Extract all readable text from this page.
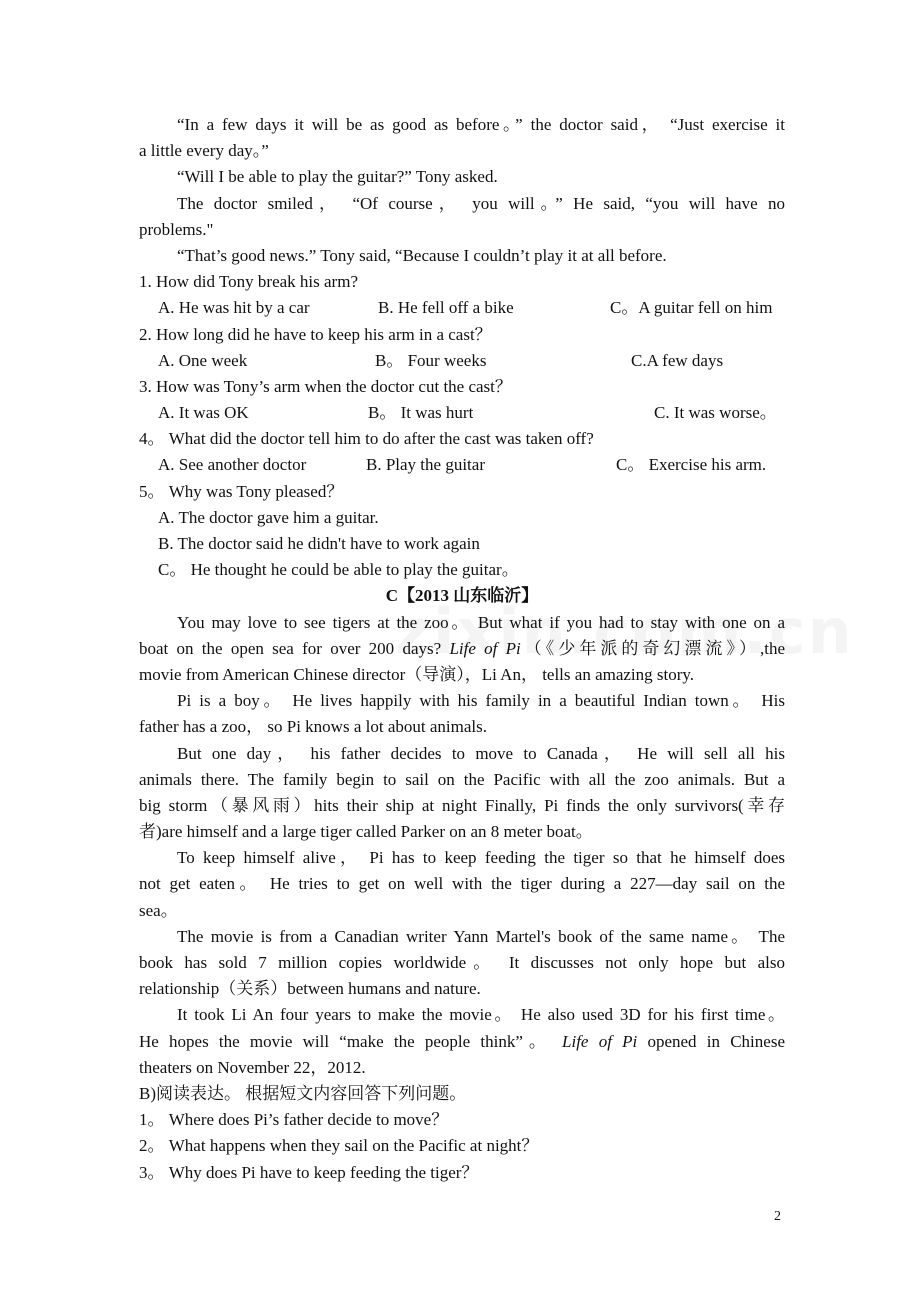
“In a few days it will be as good as before。” the doctor said， “Just exercise it
a little every day。”
“Will I be able to play the guitar?” Tony asked.
The doctor smiled， “Of course， you will。” He said, “you will have no
problems."
“That’s good news.” Tony said, “Because I couldn’t play it at all before.
1. How did Tony break his arm?
A. He was hit by a car	B. He fell off a bike	C。A guitar fell on him
2. How long did he have to keep his arm in a cast？
A. One week	B。 Four weeks	C.A few days
3. How was Tony’s arm when the doctor cut the cast？
A. It was OK	B。 It was hurt	C. It was worse。
4。 What did the doctor tell him to do after the cast was taken off?
A. See another doctor	B. Play the guitar	C。 Exercise his arm.
5。 Why was Tony pleased？
A. The doctor gave him a guitar.
B. The doctor said he didn't have to work again
C。 He thought he could be able to play the guitar。
C【2013 山东临沂】
You may love to see tigers at the zoo。 But what if you had to stay with one on a
boat on the open sea for over 200 days? Life of Pi（《少年派的奇幻漂流》）,the
movie from American Chinese director（导演），Li An， tells an amazing story.
Pi is a boy。 He lives happily with his family in a beautiful Indian town。 His
father has a zoo， so Pi knows a lot about animals.
But one day， his father decides to move to Canada， He will sell all his
animals there. The family begin to sail on the Pacific with all the zoo animals. But a
big storm（暴风雨）hits their ship at night Finally, Pi finds the only survivors(幸存
者)are himself and a large tiger called Parker on an 8 meter boat。
To keep himself alive， Pi has to keep feeding the tiger so that he himself does
not get eaten。 He tries to get on well with the tiger during a 227—day sail on the
sea。
The movie is from a Canadian writer Yann Martel's book of the same name。 The
book has sold 7 million copies worldwide。 It discusses not only hope but also
relationship（关系）between humans and nature.
It took Li An four years to make the movie。 He also used 3D for his first time。
He hopes the movie will “make the people think”。 Life of Pi opened in Chinese
theaters on November 22，2012.
B)阅读表达。 根据短文内容回答下列问题。
1。 Where does Pi’s father decide to move？
2。 What happens when they sail on the Pacific at night？
3。 Why does Pi have to keep feeding the tiger？
2
